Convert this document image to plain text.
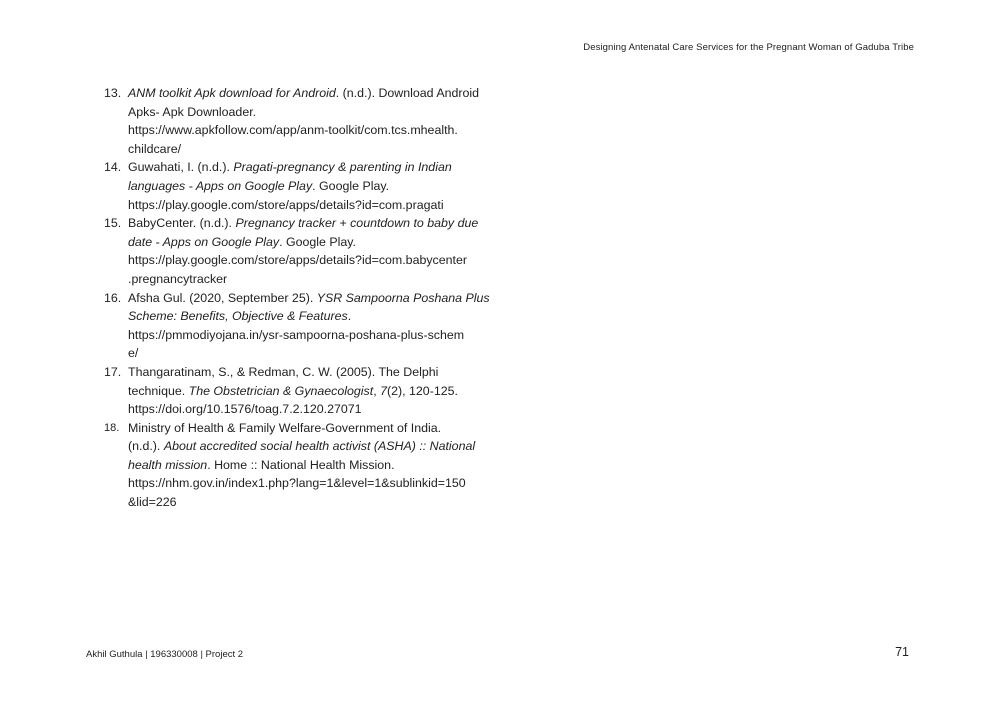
Designing Antenatal Care Services for the Pregnant Woman of Gaduba Tribe
13. ANM toolkit Apk download for Android. (n.d.). Download Android
Apks- Apk Downloader.
https://www.apkfollow.com/app/anm-toolkit/com.tcs.mhealth.
childcare/
14. Guwahati, I. (n.d.). Pragati-pregnancy & parenting in Indian
languages - Apps on Google Play. Google Play.
https://play.google.com/store/apps/details?id=com.pragati
15. BabyCenter. (n.d.). Pregnancy tracker + countdown to baby due
date - Apps on Google Play. Google Play.
https://play.google.com/store/apps/details?id=com.babycenter
.pregnancytracker
16. Afsha Gul. (2020, September 25). YSR Sampoorna Poshana Plus
Scheme: Benefits, Objective & Features.
https://pmmodiyojana.in/ysr-sampoorna-poshana-plus-schem
e/
17. Thangaratinam, S., & Redman, C. W. (2005). The Delphi
technique. The Obstetrician & Gynaecologist, 7(2), 120-125.
https://doi.org/10.1576/toag.7.2.120.27071
18. Ministry of Health & Family Welfare-Government of India.
(n.d.). About accredited social health activist (ASHA) :: National
health mission. Home :: National Health Mission.
https://nhm.gov.in/index1.php?lang=1&level=1&sublinkid=150
&lid=226
Akhil Guthula | 196330008 | Project 2	71
